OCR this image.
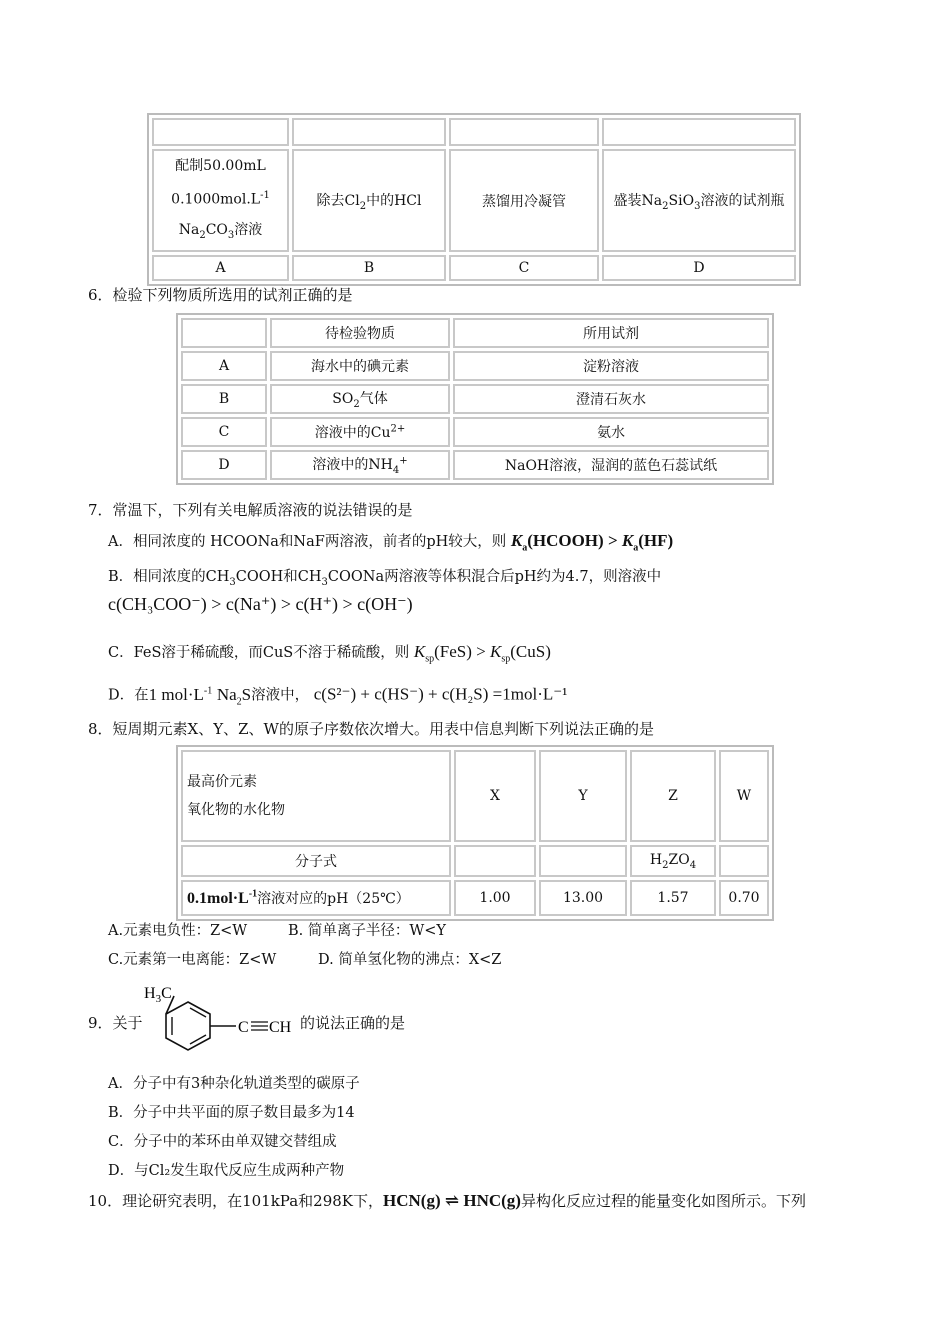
配制50.00mL
$0.1000mol.L^{-1}$
$Na_2CO_3$溶液	除去$Cl_2$中的HCl	蒸馏用冷凝管	盛装$Na_2SiO_3$溶液的试剂瓶
A	B	C	D
6．检验下列物质所选用的试剂正确的是
	待检验物质	所用试剂
A	海水中的碘元素	淀粉溶液
B	$SO_2$气体	澄清石灰水
C	溶液中的$Cu^{2+}$	氨水
D	溶液中的$NH_4^+$	NaOH溶液，湿润的蓝色石蕊试纸
7．常温下，下列有关电解质溶液的说法错误的是
A．相同浓度的 HCOONa和NaF两溶液，前者的pH较大，则 $K_a(HCOOH) > K_a(HF)$
B．相同浓度的$CH_3COOH$和$CH_3COONa$两溶液等体积混合后pH约为4.7，则溶液中
c(CH₃COO⁻) > c(Na⁺) > c(H⁺) > c(OH⁻)
C．FeS溶于稀硫酸，而CuS不溶于稀硫酸，则 $K_{sp}(FeS) > K_{sp}(CuS)$
D．在1 $mol\cdot L^{-1}$ $Na_2S$溶液中， c(S²⁻) + c(HS⁻) + c(H₂S) =1mol·L⁻¹
8．短周期元素X、Y、Z、W的原子序数依次增大。用表中信息判断下列说法正确的是
最高价元素
氧化物的水化物	X	Y	Z	W
分子式			$H_2ZO_4$	
$0.1mol\cdot L^{-1}$溶液对应的pH（25℃）	1.00	13.00	1.57	0.70
A.元素电负性：Z<W	B. 简单离子半径：W<Y
C.元素第一电离能：Z<W	D. 简单氢化物的沸点：X<Z
9．关于
$H_3C$
C CH 的说法正确的是
A．分子中有3种杂化轨道类型的碳原子
B．分子中共平面的原子数目最多为14
C．分子中的苯环由单双键交替组成
D．与Cl₂发生取代反应生成两种产物
10．理论研究表明，在101kPa和298K下，HCN(g) ⇌ HNC(g)异构化反应过程的能量变化如图所示。下列
